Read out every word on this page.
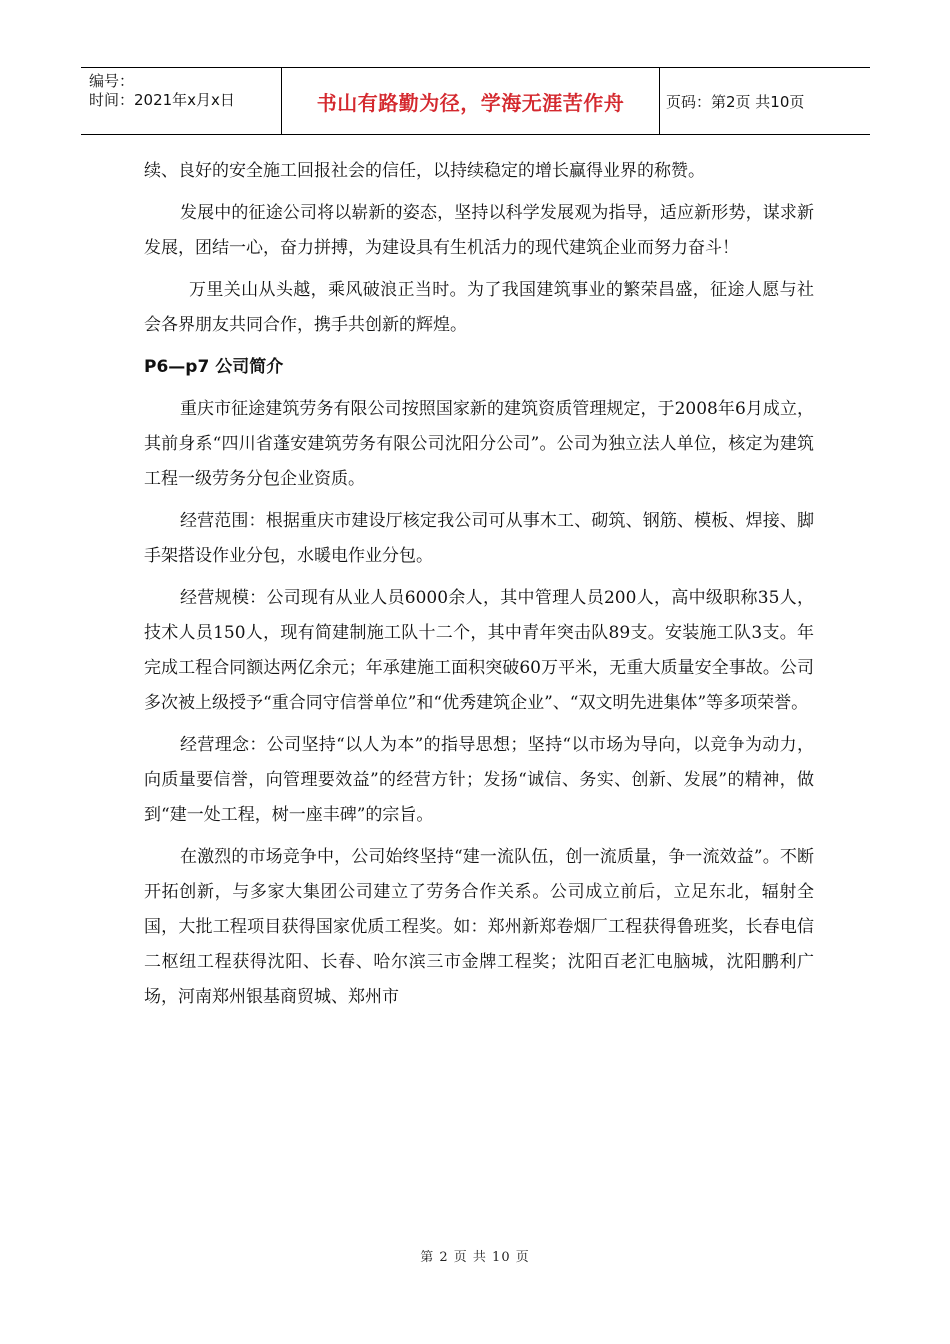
编号：
时间：2021年x月x日	书山有路勤为径，学海无涯苦作舟	页码：第2页 共10页

续、良好的安全施工回报社会的信任，以持续稳定的增长赢得业界的称赞。

发展中的征途公司将以崭新的姿态，坚持以科学发展观为指导，适应新形势，谋求新发展，团结一心，奋力拼搏，为建设具有生机活力的现代建筑企业而努力奋斗！

万里关山从头越，乘风破浪正当时。为了我国建筑事业的繁荣昌盛，征途人愿与社会各界朋友共同合作，携手共创新的辉煌。

P6—p7 公司简介

重庆市征途建筑劳务有限公司按照国家新的建筑资质管理规定，于2008年6月成立，其前身系“四川省蓬安建筑劳务有限公司沈阳分公司”。公司为独立法人单位，核定为建筑工程一级劳务分包企业资质。

经营范围：根据重庆市建设厅核定我公司可从事木工、砌筑、钢筋、模板、焊接、脚手架搭设作业分包，水暖电作业分包。

经营规模：公司现有从业人员6000余人，其中管理人员200人，高中级职称35人，技术人员150人，现有简建制施工队十二个，其中青年突击队89支。安装施工队3支。年完成工程合同额达两亿余元；年承建施工面积突破60万平米，无重大质量安全事故。公司多次被上级授予“重合同守信誉单位”和“优秀建筑企业”、“双文明先进集体”等多项荣誉。

经营理念：公司坚持“以人为本”的指导思想；坚持“以市场为导向，以竞争为动力，向质量要信誉，向管理要效益”的经营方针；发扬“诚信、务实、创新、发展”的精神，做到“建一处工程，树一座丰碑”的宗旨。

在激烈的市场竞争中，公司始终坚持“建一流队伍，创一流质量，争一流效益”。不断开拓创新，与多家大集团公司建立了劳务合作关系。公司成立前后，立足东北，辐射全国，大批工程项目获得国家优质工程奖。如：郑州新郑卷烟厂工程获得鲁班奖，长春电信二枢纽工程获得沈阳、长春、哈尔滨三市金牌工程奖；沈阳百老汇电脑城，沈阳鹏利广场，河南郑州银基商贸城、郑州市

第 2 页 共 10 页
